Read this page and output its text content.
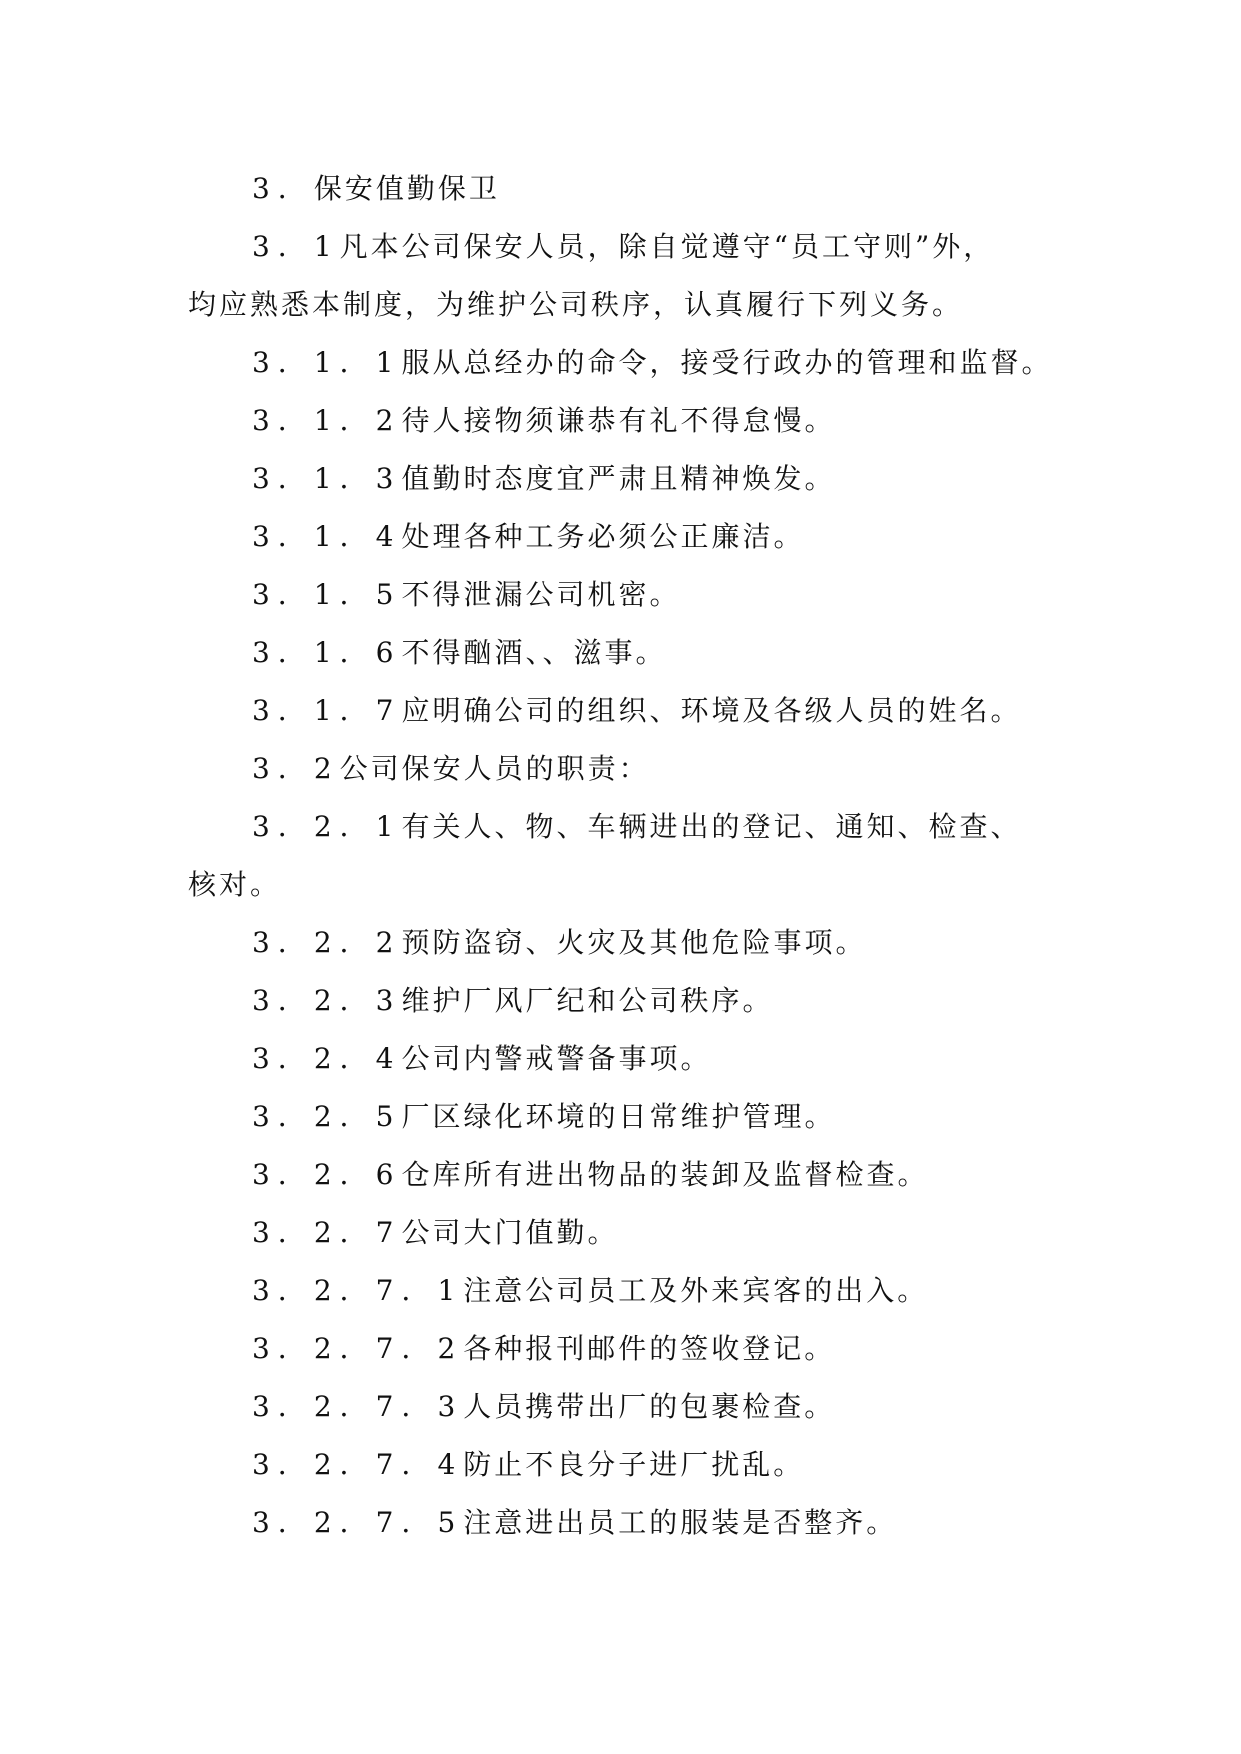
3．保安值勤保卫

3．1凡本公司保安人员，除自觉遵守“员工守则”外，

均应熟悉本制度，为维护公司秩序，认真履行下列义务。

3．1．1服从总经办的命令，接受行政办的管理和监督。

3．1．2待人接物须谦恭有礼不得怠慢。

3．1．3值勤时态度宜严肃且精神焕发。

3．1．4处理各种工务必须公正廉洁。

3．1．5不得泄漏公司机密。

3．1．6不得酗酒、、滋事。

3．1．7应明确公司的组织、环境及各级人员的姓名。

3．2公司保安人员的职责：

3．2．1有关人、物、车辆进出的登记、通知、检查、

核对。

3．2．2预防盗窃、火灾及其他危险事项。

3．2．3维护厂风厂纪和公司秩序。

3．2．4公司内警戒警备事项。

3．2．5厂区绿化环境的日常维护管理。

3．2．6仓库所有进出物品的装卸及监督检查。

3．2．7公司大门值勤。

3．2．7．1注意公司员工及外来宾客的出入。

3．2．7．2各种报刊邮件的签收登记。

3．2．7．3人员携带出厂的包裹检查。

3．2．7．4防止不良分子进厂扰乱。

3．2．7．5注意进出员工的服装是否整齐。
